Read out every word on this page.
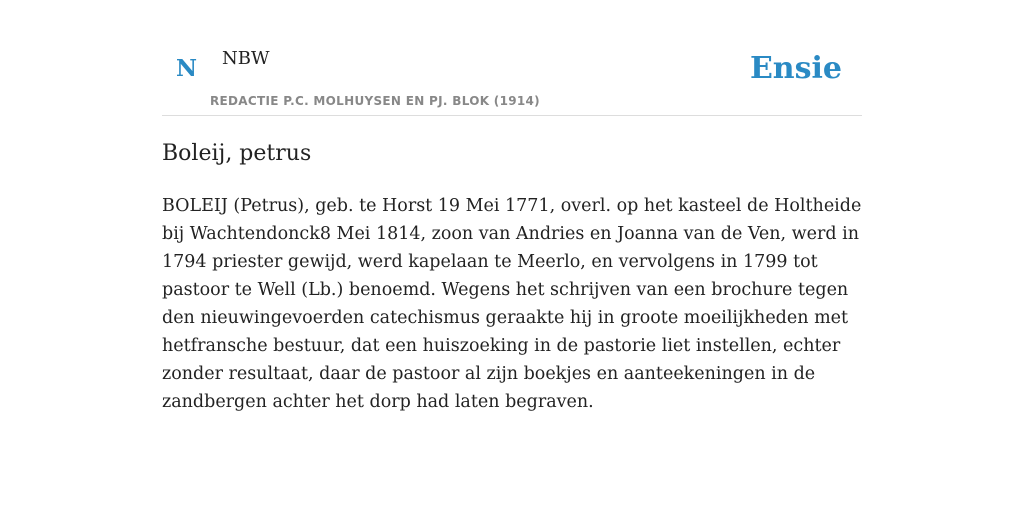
N NBW
REDACTIE P.C. MOLHUYSEN EN PJ. BLOK (1914)
Ensie
Boleij, petrus

BOLEIJ (Petrus), geb. te Horst 19 Mei 1771, overl. op het kasteel de Holtheide bij Wachtendonck8 Mei 1814, zoon van Andries en Joanna van de Ven, werd in 1794 priester gewijd, werd kapelaan te Meerlo, en vervolgens in 1799 tot pastoor te Well (Lb.) benoemd. Wegens het schrijven van een brochure tegen den nieuwingevoerden catechismus geraakte hij in groote moeilijkheden met hetfransche bestuur, dat een huiszoeking in de pastorie liet instellen, echter zonder resultaat, daar de pastoor al zijn boekjes en aanteekeningen in de zandbergen achter het dorp had laten begraven.
